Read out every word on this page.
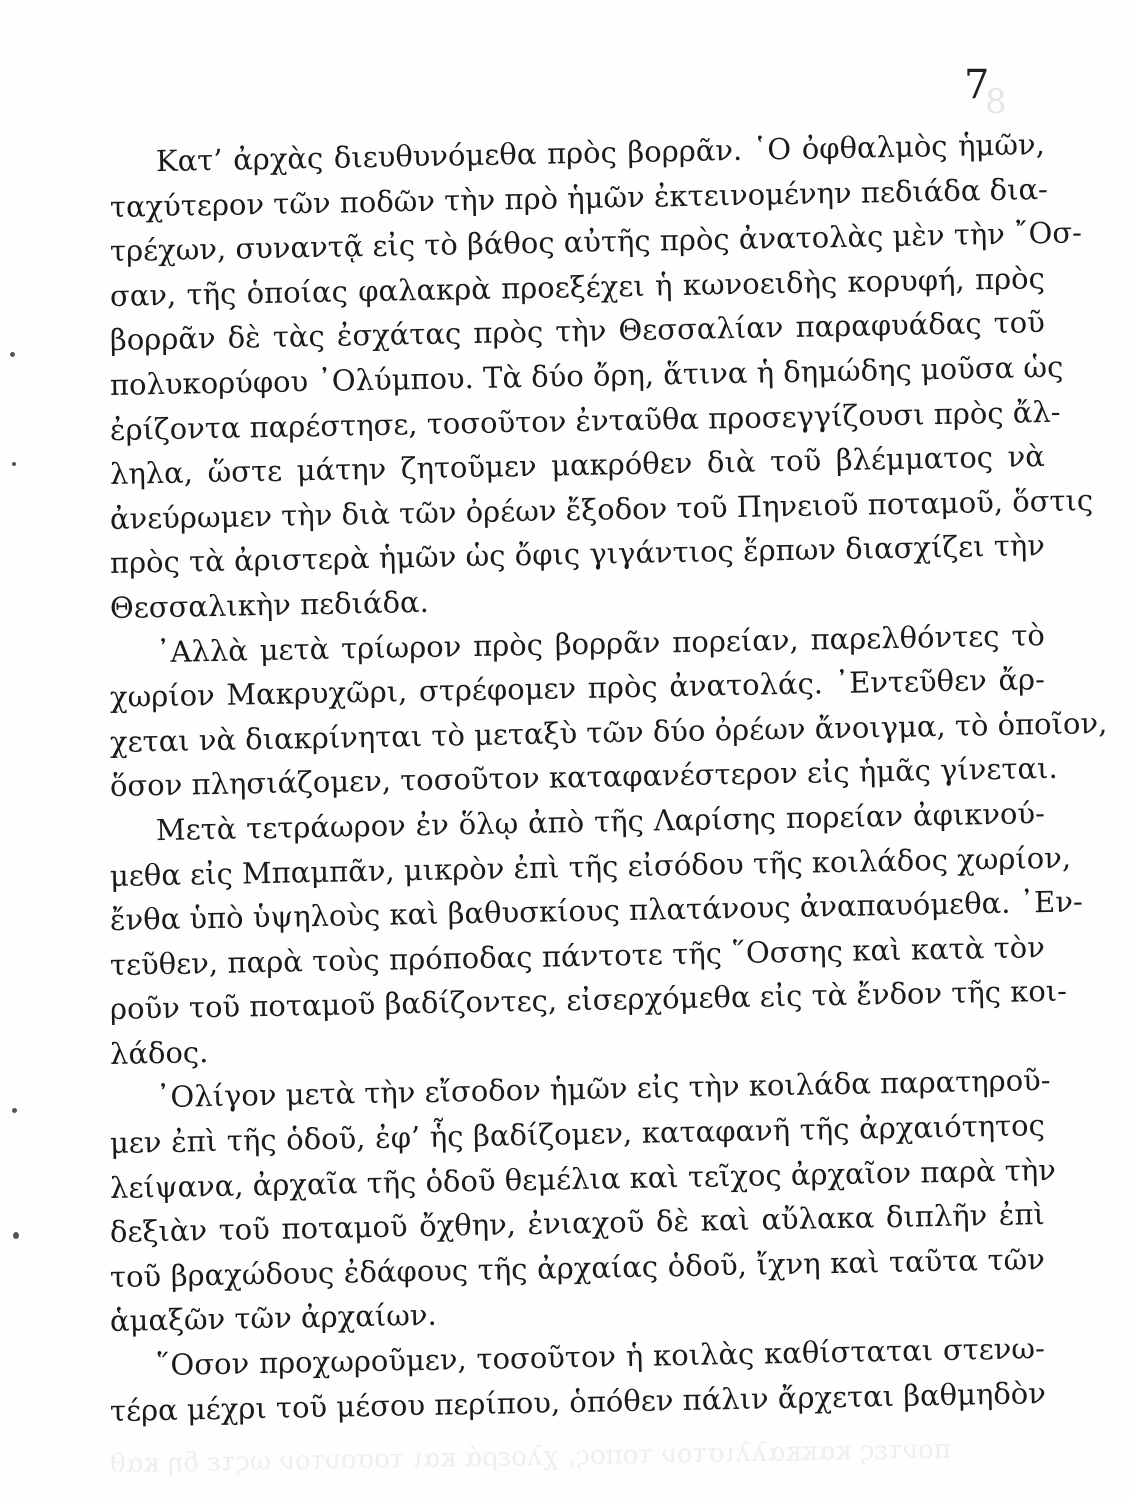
8
7
Κατ’ ἀρχὰς διευθυνόμεθα πρὸς βορρᾶν. ῾Ο ὀφθαλμὸς ἡμῶν,
ταχύτερον τῶν ποδῶν τὴν πρὸ ἡμῶν ἐκτεινομένην πεδιάδα δια-
τρέχων, συναντᾷ εἰς τὸ βάθος αὐτῆς πρὸς ἀνατολὰς μὲν τὴν ῎Οσ-
σαν, τῆς ὁποίας φαλακρὰ προεξέχει ἡ κωνοειδὴς κορυφή, πρὸς
βορρᾶν δὲ τὰς ἐσχάτας πρὸς τὴν Θεσσαλίαν παραφυάδας τοῦ
πολυκορύφου ᾿Ολύμπου. Τὰ δύο ὄρη, ἅτινα ἡ δημώδης μοῦσα ὡς
ἐρίζοντα παρέστησε, τοσοῦτον ἐνταῦθα προσεγγίζουσι πρὸς ἄλ-
ληλα, ὥστε μάτην ζητοῦμεν μακρόθεν διὰ τοῦ βλέμματος νὰ
ἀνεύρωμεν τὴν διὰ τῶν ὀρέων ἔξοδον τοῦ Πηνειοῦ ποταμοῦ, ὅστις
πρὸς τὰ ἀριστερὰ ἡμῶν ὡς ὄφις γιγάντιος ἕρπων διασχίζει τὴν
Θεσσαλικὴν πεδιάδα.
᾿Αλλὰ μετὰ τρίωρον πρὸς βορρᾶν πορείαν, παρελθόντες τὸ
χωρίον Μακρυχῶρι, στρέφομεν πρὸς ἀνατολάς. ᾿Εντεῦθεν ἄρ-
χεται νὰ διακρίνηται τὸ μεταξὺ τῶν δύο ὀρέων ἄνοιγμα, τὸ ὁποῖον,
ὅσον πλησιάζομεν, τοσοῦτον καταφανέστερον εἰς ἡμᾶς γίνεται.
Μετὰ τετράωρον ἐν ὅλῳ ἀπὸ τῆς Λαρίσης πορείαν ἀφικνού-
μεθα εἰς Μπαμπᾶν, μικρὸν ἐπὶ τῆς εἰσόδου τῆς κοιλάδος χωρίον,
ἔνθα ὑπὸ ὑψηλοὺς καὶ βαθυσκίους πλατάνους ἀναπαυόμεθα. ᾿Εν-
τεῦθεν, παρὰ τοὺς πρόποδας πάντοτε τῆς ῞Οσσης καὶ κατὰ τὸν
ροῦν τοῦ ποταμοῦ βαδίζοντες, εἰσερχόμεθα εἰς τὰ ἔνδον τῆς κοι-
λάδος.
᾿Ολίγον μετὰ τὴν εἴσοδον ἡμῶν εἰς τὴν κοιλάδα παρατηροῦ-
μεν ἐπὶ τῆς ὁδοῦ, ἐφ’ ἧς βαδίζομεν, καταφανῆ τῆς ἀρχαιότητος
λείψανα, ἀρχαῖα τῆς ὁδοῦ θεμέλια καὶ τεῖχος ἀρχαῖον παρὰ τὴν
δεξιὰν τοῦ ποταμοῦ ὄχθην, ἐνιαχοῦ δὲ καὶ αὔλακα διπλῆν ἐπὶ
τοῦ βραχώδους ἐδάφους τῆς ἀρχαίας ὁδοῦ, ἴχνη καὶ ταῦτα τῶν
ἁμαξῶν τῶν ἀρχαίων.
῞Οσον προχωροῦμεν, τοσοῦτον ἡ κοιλὰς καθίσταται στενω-
τέρα μέχρι τοῦ μέσου περίπου, ὁπόθεν πάλιν ἄρχεται βαθμηδὸν
ποντες κακκαλλιστον τοπος, χλοερά και τοσουτον ωςτε δη καθ
